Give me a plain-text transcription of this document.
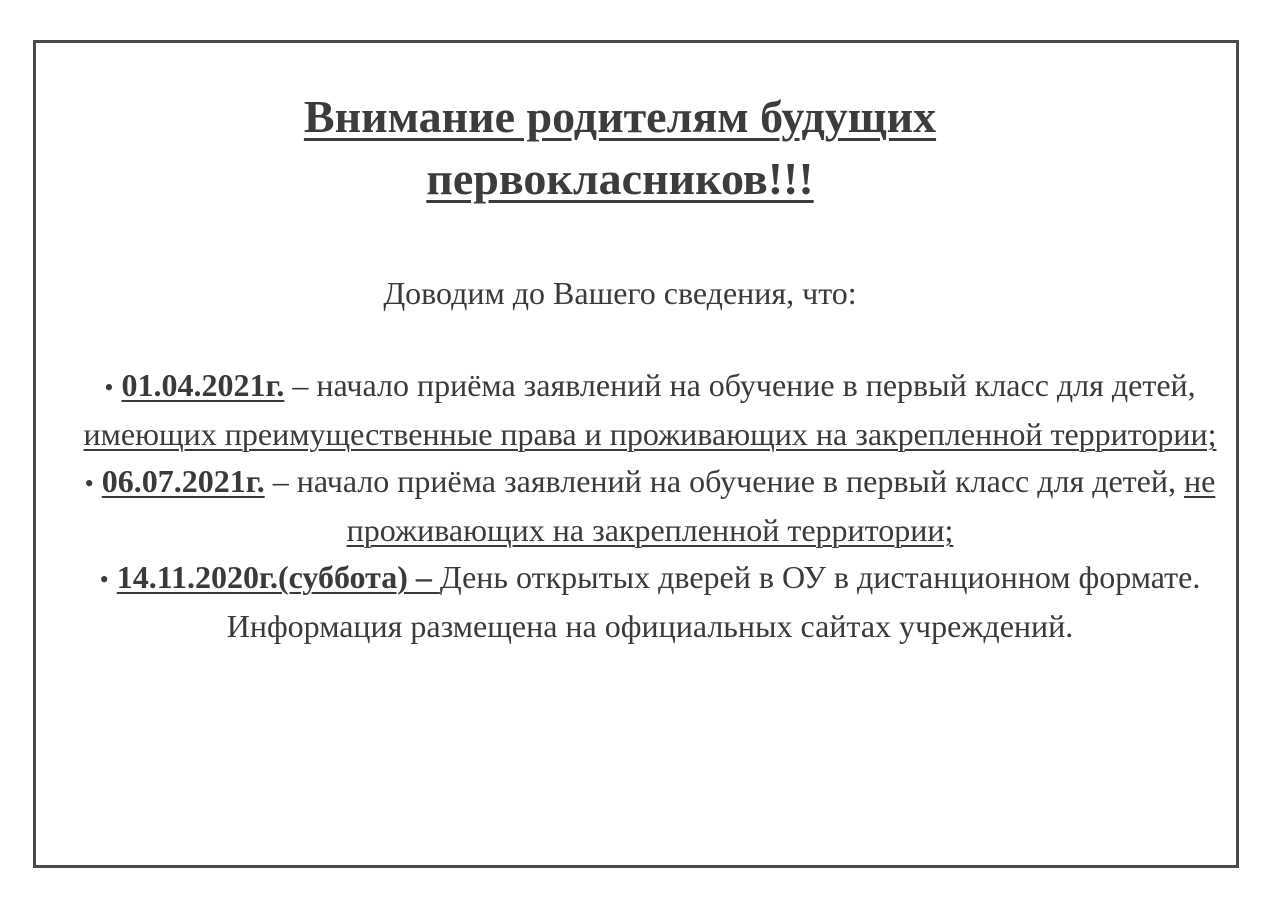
Внимание родителям будущих
первокласников!!!
Доводим до Вашего сведения, что:

• 01.04.2021г. – начало приёма заявлений на обучение в первый класс для детей, имеющих преимущественные права и проживающих на закрепленной территории;

• 06.07.2021г. – начало приёма заявлений на обучение в первый класс для детей, не проживающих на закрепленной территории;

• 14.11.2020г.(суббота) – День открытых дверей в ОУ в дистанционном формате. Информация размещена на официальных сайтах учреждений.
